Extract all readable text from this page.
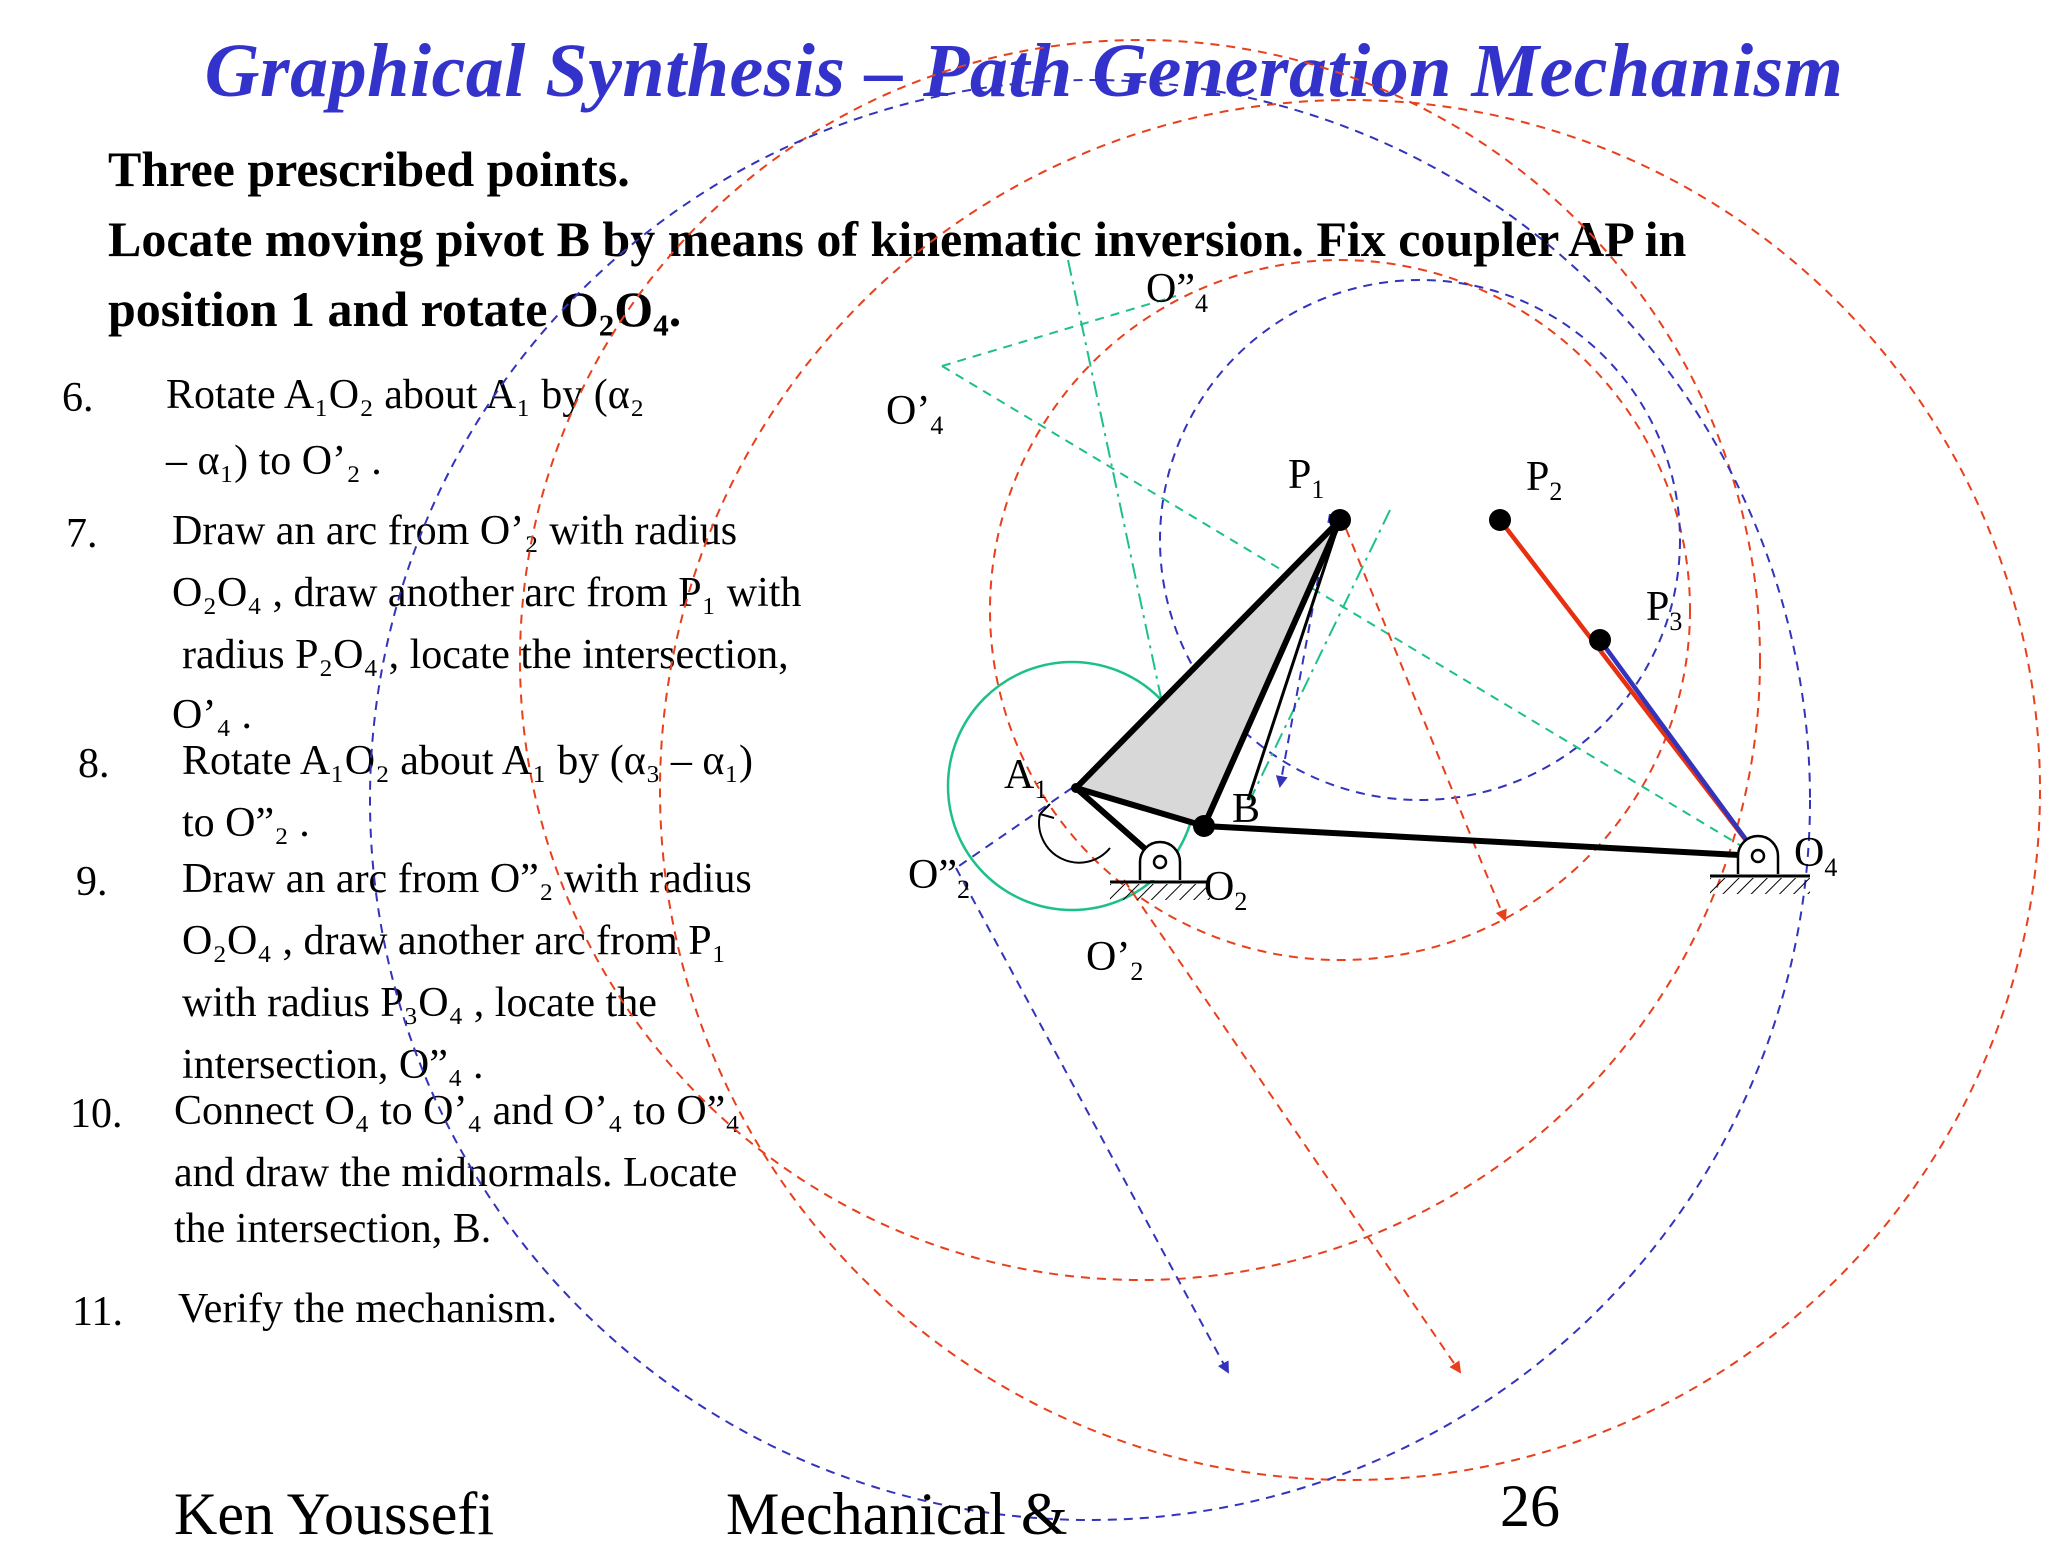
Graphical Synthesis – Path Generation Mechanism
Three prescribed points.
Locate moving pivot B by means of kinematic inversion. Fix coupler AP in
position 1 and rotate $O_2O_4$.
6. Rotate A₁O₂ about A₁ by (α₂
– α₁) to O’₂ .
7. Draw an arc from O’₂ with radius
O₂O₄ , draw another arc from P₁ with
radius P₂O₄ , locate the intersection,
O’₄ .
8. Rotate A₁O₂ about A₁ by (α₃ – α₁)
to O”₂ .
9. Draw an arc from O”₂ with radius
O₂O₄ , draw another arc from P₁
with radius P₃O₄ , locate the
intersection, O”₄ .
10. Connect O₄ to O’₄ and O’₄ to O”₄
and draw the midnormals. Locate
the intersection, B.
11. Verify the mechanism.
$P_1$	$P_2$
$P_3$
$A_1$	B
$O_2$
$O_4$
$O’_2$
$O”_2$
$O’_4$
$O”_4$
Ken Youssefi	Mechanical &	26
